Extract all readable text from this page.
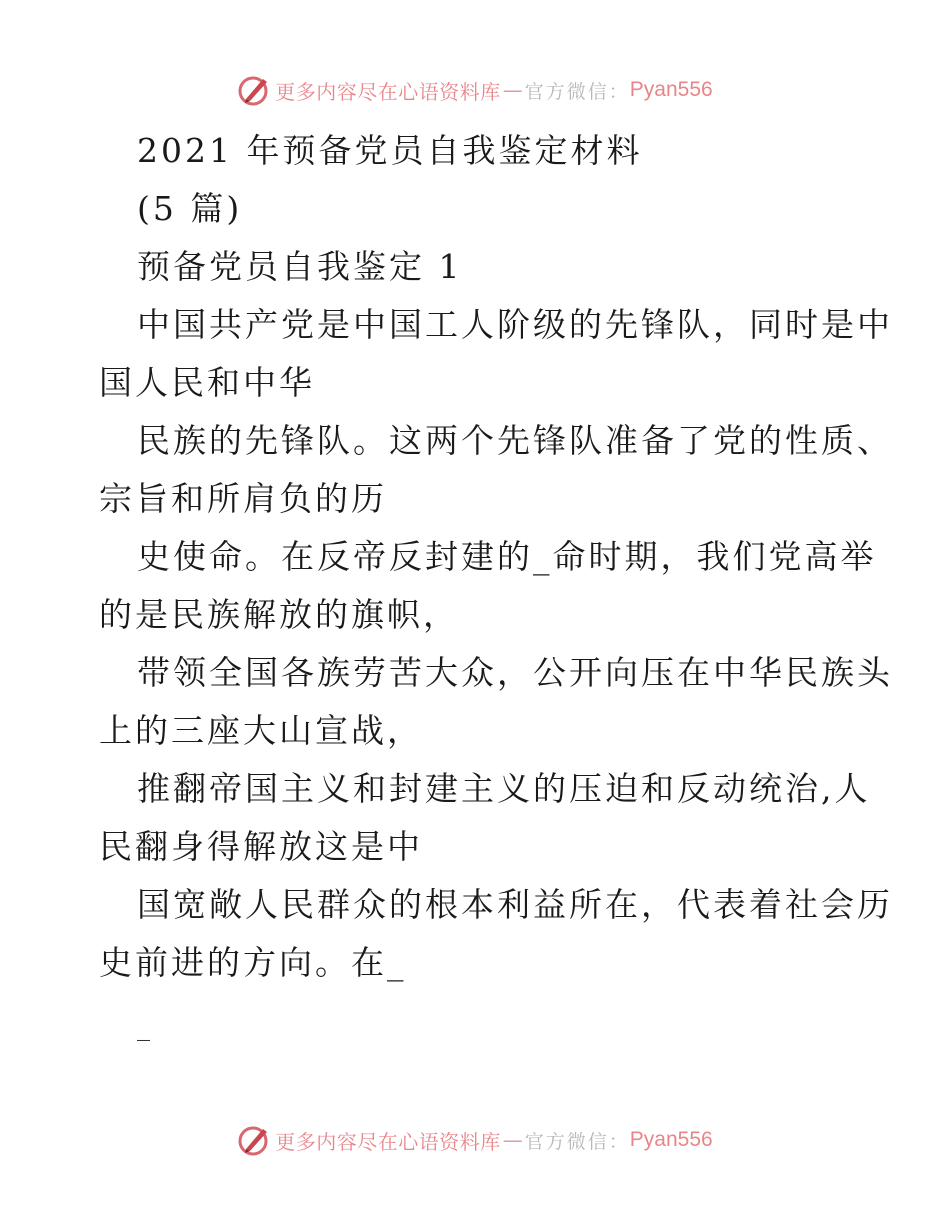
更多内容尽在心语资料库 — 官方微信： Pyan556
2021 年预备党员自我鉴定材料
(5 篇)
预备党员自我鉴定 1
中国共产党是中国工人阶级的先锋队，同时是中
国人民和中华
民族的先锋队。这两个先锋队准备了党的性质、
宗旨和所肩负的历
史使命。在反帝反封建的_命时期，我们党高举
的是民族解放的旗帜，
带领全国各族劳苦大众，公开向压在中华民族头
上的三座大山宣战，
推翻帝国主义和封建主义的压迫和反动统治,人
民翻身得解放这是中
国宽敞人民群众的根本利益所在，代表着社会历
史前进的方向。在_
_
更多内容尽在心语资料库 — 官方微信： Pyan556
